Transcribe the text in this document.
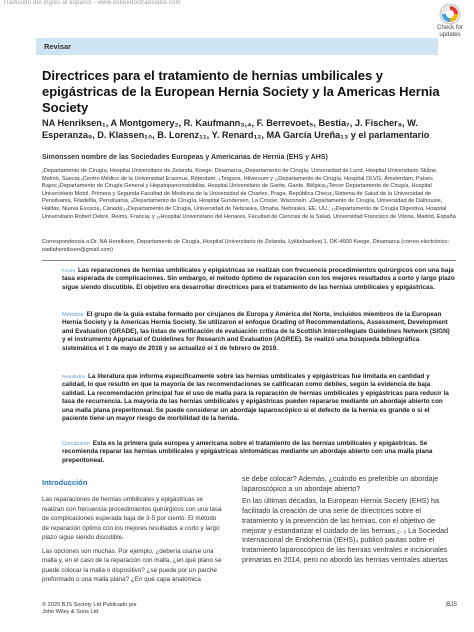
Traducido del inglés al español - www.onlinedoctranslator.com
Check for
updates
Revisar
Directrices para el tratamiento de hernias umbilicales y epigástricas de la European Hernia Society y la Americas Hernia Society
NA Henriksen₁, A Montgomery₂, R. Kaufmann₃,₄, F. Berrevoet₅, Bestia₇, J. Fischer₈, W. Esperanza₉, D. Klassen₁₀, B. Lorenz₁₁, Y. Renard₁₂, MA García Ureña₁₃ y el parlamentario
Simonssen nombre de las Sociedades Europeas y Americanas de Hernia (EHS y AHS)
₁Departamento de Cirugía, Hospital Universitario de Zelanda, Koege, Dinamarca;₂Departamento de Cirugía, Universidad de Lund, Hospital Universitario Skåne, Malmö, Suecia;₃Centro Médico de la Universidad Erasmus, Róterdam, ₄Tergoos, Hilversum y ₁₁Departamento de Cirugía, Hospital OLVG, Ámsterdam, Países Bajos;₅Departamento de Cirugía General y Hepatopancreatobiliar, Hospital Universitario de Gante, Gante, Bélgica;₆Tercer Departamento de Cirugía, Hospital Universitario Motol, Primera y Segunda Facultad de Medicina de la Universidad de Charles, Praga, República Checa;₇Sistema de Salud de la Universidad de Pensilvania, Filadelfia, Pensilvania, ₈Departamento de Cirugía, Hospital Gundersen, La Crosse, Wisconsin, ₉Departamento de Cirugía, Universidad de Dalhousie, Halifax, Nueva Escocia, Canadá;₁₀Departamento de Cirugía, Universidad de Nebraska, Omaha, Nebraska, EE. UU.; ₁₂Departamento de Cirugía Digestiva, Hospital Universitario Robert Debré, Reims, Francia; y ₁₃Hospital Universitario del Henares, Facultad de Ciencias de la Salud, Universidad Francisco de Vitoria, Madrid, España
Correspondencia a:Dr. NA Henriksen, Departamento de Cirugía, Hospital Universitario de Zelanda, Lykkebaekvej 1, DK-4600 Koege, Dinamarca (correo electrónico: nadiahenriksen@gmail.com)

Fondo Las reparaciones de hernias umbilicales y epigástricas se realizan con frecuencia procedimientos quirúrgicos con una baja tasa esperada de complicaciones. Sin embargo, el método óptimo de reparación con los mejores resultados a corto y largo plazo sigue siendo discutible. El objetivo era desarrollar directrices para el tratamiento de las hernias umbilicales y epigástricas.

Métodos El grupo de la guía estaba formado por cirujanos de Europa y América del Norte, incluidos miembros de la European Hernia Society y la Americas Hernia Society. Se utilizaron el enfoque Grading of Recommendations, Assessment, Development and Evaluation (GRADE), las listas de verificación de evaluación crítica de la Scottish Intercollegiate Guidelines Network (SIGN) y el instrumento Appraisal of Guidelines for Research and Evaluation (AGREE). Se realizó una búsqueda bibliográfica sistemática el 1 de mayo de 2018 y se actualizó el 1 de febrero de 2019.

Resultados La literatura que informa específicamente sobre las hernias umbilicales y epigástricas fue limitada en cantidad y calidad, lo que resultó en que la mayoría de las recomendaciones se calificaran como débiles, según la evidencia de baja calidad. La recomendación principal fue el uso de malla para la reparación de hernias umbilicales y epigástricas para reducir la tasa de recurrencia. La mayoría de las hernias umbilicales y epigástricas pueden repararse mediante un abordaje abierto con una malla plana preperitoneal. Se puede considerar un abordaje laparoscópico si el defecto de la hernia es grande o si el paciente tiene un mayor riesgo de morbilidad de la herida.

Conclusión Esta es la primera guía europea y americana sobre el tratamiento de las hernias umbilicales y epigástricas. Se recomienda reparar las hernias umbilicales y epigástricas sintomáticas mediante un abordaje abierto con una malla plana preperitoneal.

Introducción

Las reparaciones de hernias umbilicales y epigástricas se realizan con frecuencia procedimientos quirúrgicos con una tasa de complicaciones esperada baja de 3-5 por ciento. El método de reparación óptimo con los mejores resultados a corto y largo plazo sigue siendo discutible.

Las opciones son muchas. Por ejemplo, ¿debería usarse una malla y, en el caso de la reparación con malla, ¿en qué plano se puede colocar la malla o dispositivo? ¿se puede por un parche preformado o una malla plana? ¿En qué capa anatómica

se debe colocar? Además, ¿cuándo es preferible un abordaje laparoscópico a un abordaje abierto?

En las últimas décadas, la European Hernia Society (EHS) ha facilitado la creación de una serie de directrices sobre el tratamiento y la prevención de las hernias, con el objetivo de mejorar y estandarizar el cuidado de las hernias.₁₋₃ La Sociedad Internacional de Endohernia (IEHS)₄ publicó pautas sobre el tratamiento laparoscópico de las hernias ventrales e incisionales primarias en 2014, pero no abordó las hernias ventrales abiertas

© 2020 BJS Society Ltd Publicado por
John Wiley & Sons Ltd
BJS
